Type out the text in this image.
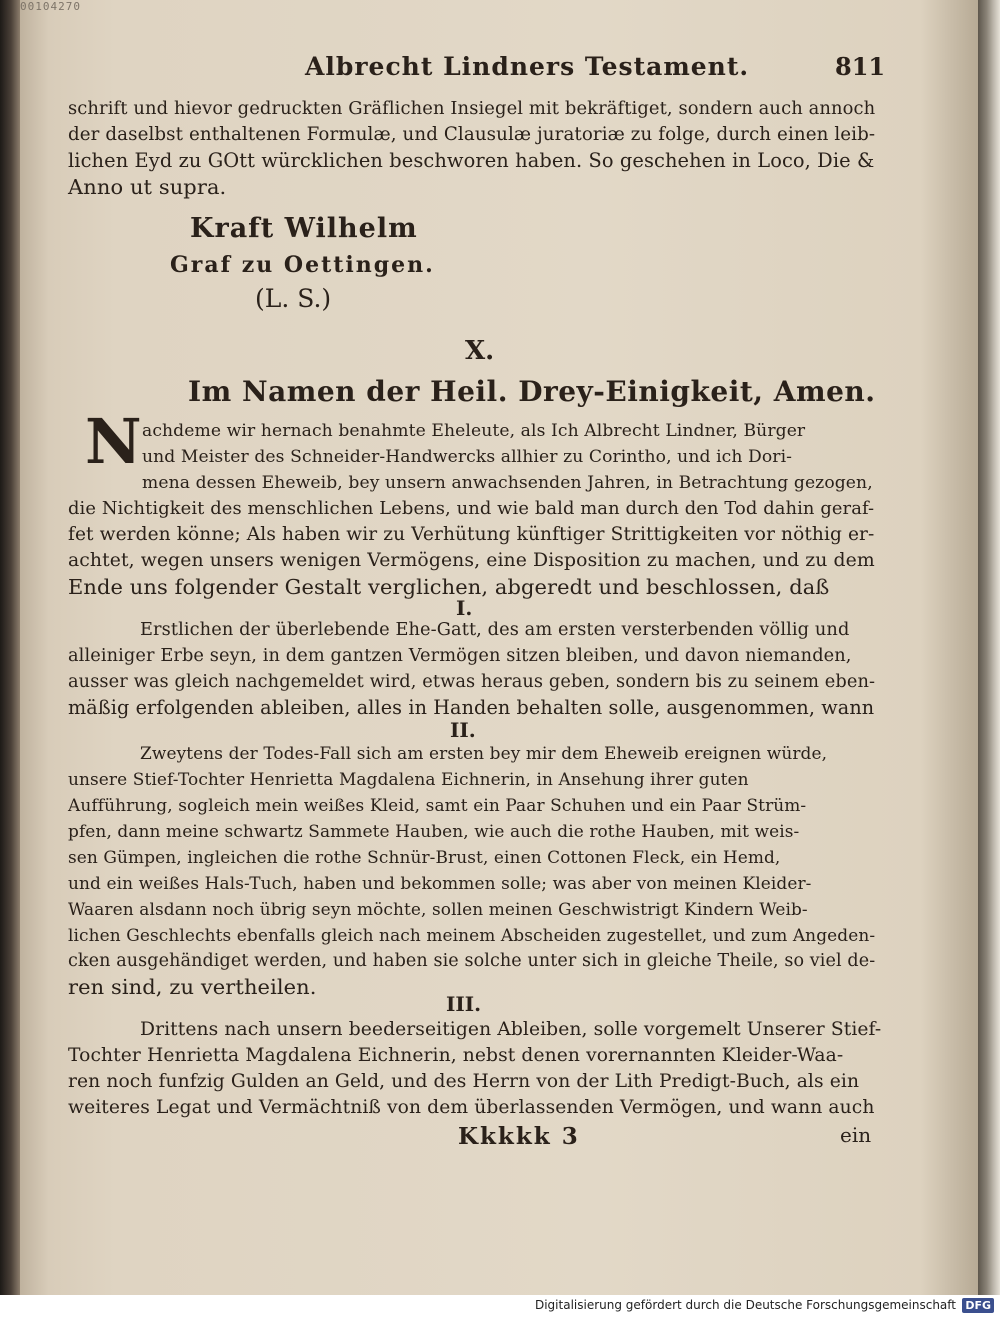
00104270
Albrecht Lindners Testament.	811

schrift und hievor gedruckten Gräflichen Insiegel mit bekräftiget, sondern auch annoch

der daselbst enthaltenen Formulæ, und Clausulæ juratoriæ zu folge, durch einen leib-

lichen Eyd zu GOtt würcklichen beschworen haben. So geschehen in Loco, Die &

Anno ut supra.

Kraft Wilhelm
Graf zu Oettingen.
(L. S.)
X.
Im Namen der Heil. Drey-Einigkeit, Amen.
N achdeme wir hernach benahmte Eheleute, als Ich Albrecht Lindner, Bürger

und Meister des Schneider-Handwercks allhier zu Corintho, und ich Dori-

mena dessen Eheweib, bey unsern anwachsenden Jahren, in Betrachtung gezogen,

die Nichtigkeit des menschlichen Lebens, und wie bald man durch den Tod dahin geraf-

fet werden könne; Als haben wir zu Verhütung künftiger Strittigkeiten vor nöthig er-

achtet, wegen unsers wenigen Vermögens, eine Disposition zu machen, und zu dem

Ende uns folgender Gestalt verglichen, abgeredt und beschlossen, daß

I.

Erstlichen der überlebende Ehe-Gatt, des am ersten versterbenden völlig und

alleiniger Erbe seyn, in dem gantzen Vermögen sitzen bleiben, und davon niemanden,

ausser was gleich nachgemeldet wird, etwas heraus geben, sondern bis zu seinem eben-

mäßig erfolgenden ableiben, alles in Handen behalten solle, ausgenommen, wann

II.

Zweytens der Todes-Fall sich am ersten bey mir dem Eheweib ereignen würde,

unsere Stief-Tochter Henrietta Magdalena Eichnerin, in Ansehung ihrer guten

Aufführung, sogleich mein weißes Kleid, samt ein Paar Schuhen und ein Paar Strüm-

pfen, dann meine schwartz Sammete Hauben, wie auch die rothe Hauben, mit weis-

sen Gümpen, ingleichen die rothe Schnür-Brust, einen Cottonen Fleck, ein Hemd,

und ein weißes Hals-Tuch, haben und bekommen solle; was aber von meinen Kleider-

Waaren alsdann noch übrig seyn möchte, sollen meinen Geschwistrigt Kindern Weib-

lichen Geschlechts ebenfalls gleich nach meinem Abscheiden zugestellet, und zum Angeden-

cken ausgehändiget werden, und haben sie solche unter sich in gleiche Theile, so viel de-

ren sind, zu vertheilen.

III.

Drittens nach unsern beederseitigen Ableiben, solle vorgemelt Unserer Stief-

Tochter Henrietta Magdalena Eichnerin, nebst denen vorernannten Kleider-Waa-

ren noch funfzig Gulden an Geld, und des Herrn von der Lith Predigt-Buch, als ein

weiteres Legat und Vermächtniß von dem überlassenden Vermögen, und wann auch

Kkkkk 3	ein
Digitalisierung gefördert durch die Deutsche Forschungsgemeinschaft DFG
